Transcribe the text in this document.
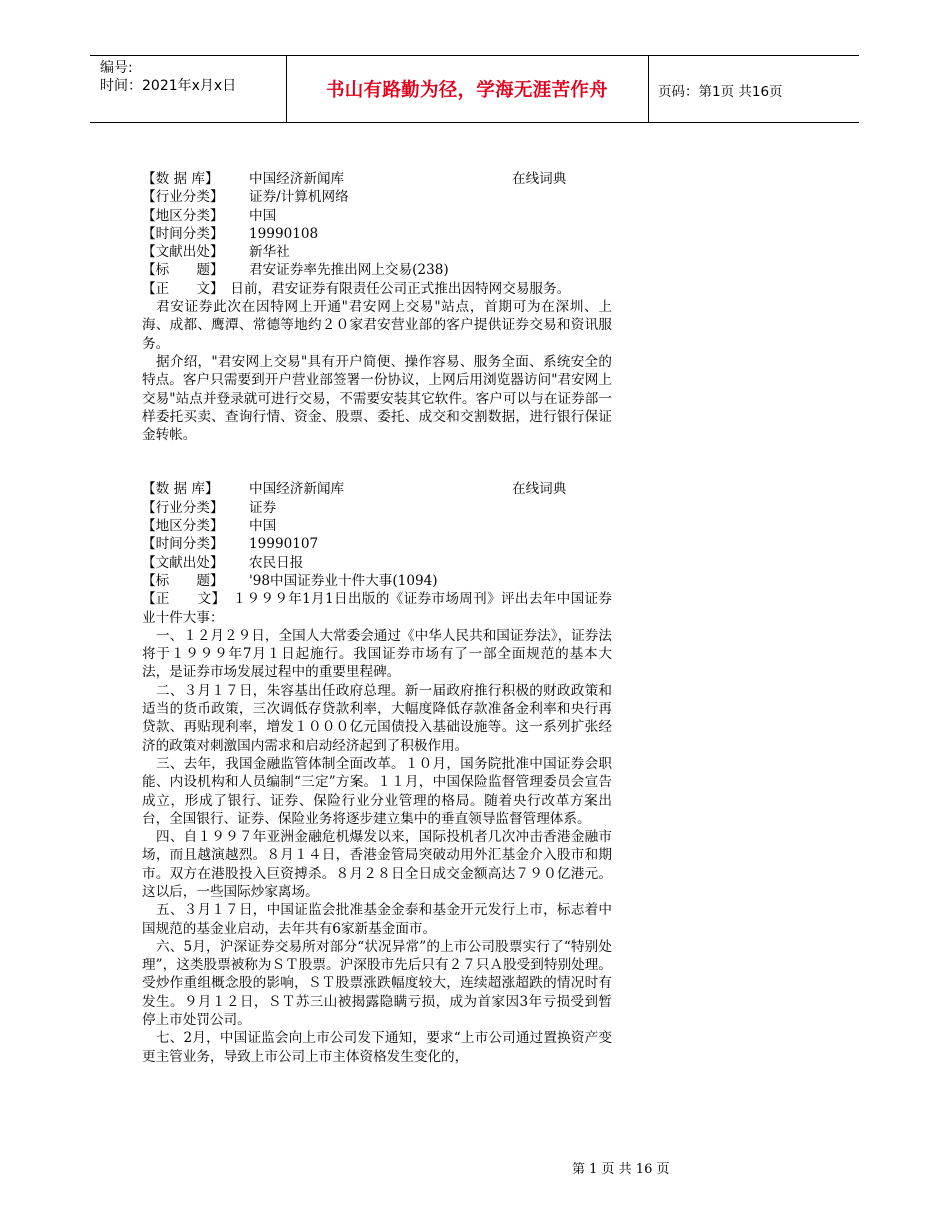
编号:
时间：2021年x月x日	书山有路勤为径，学海无涯苦作舟	页码：第1页 共16页
【数 据 库】 中国经济新闻库	在线词典
【行业分类】 证券/计算机网络
【地区分类】 中国
【时间分类】 19990108
【文献出处】 新华社
【标　　题】 君安证券率先推出网上交易(238)

【正　　文】　日前，君安证券有限责任公司正式推出因特网交易服务。

君安证券此次在因特网上开通"君安网上交易"站点，首期可为在深圳、上海、成都、鹰潭、常德等地约２０家君安营业部的客户提供证券交易和资讯服务。

据介绍，"君安网上交易"具有开户简便、操作容易、服务全面、系统安全的特点。客户只需要到开户营业部签署一份协议，上网后用浏览器访问"君安网上交易"站点并登录就可进行交易，不需要安装其它软件。客户可以与在证券部一样委托买卖、查询行情、资金、股票、委托、成交和交割数据，进行银行保证金转帐。

【数 据 库】 中国经济新闻库	在线词典
【行业分类】 证券
【地区分类】 中国
【时间分类】 19990107
【文献出处】 农民日报
【标　　题】 '98中国证券业十件大事(1094)

【正　　文】　１９９９年1月1日出版的《证券市场周刊》评出去年中国证券业十件大事：

一、１２月２９日，全国人大常委会通过《中华人民共和国证券法》，证券法将于１９９９年7月１日起施行。我国证券市场有了一部全面规范的基本大法，是证券市场发展过程中的重要里程碑。

二、３月１７日，朱容基出任政府总理。新一届政府推行积极的财政政策和适当的货币政策，三次调低存贷款利率，大幅度降低存款准备金利率和央行再贷款、再贴现利率，增发１０００亿元国债投入基础设施等。这一系列扩张经济的政策对刺激国内需求和启动经济起到了积极作用。

三、去年，我国金融监管体制全面改革。１０月，国务院批准中国证券会职能、内设机构和人员编制“三定”方案。１１月，中国保险监督管理委员会宣告成立，形成了银行、证券、保险行业分业管理的格局。随着央行改革方案出台，全国银行、证券、保险业务将逐步建立集中的垂直领导监督管理体系。

四、自１９９７年亚洲金融危机爆发以来，国际投机者几次冲击香港金融市场，而且越演越烈。８月１４日，香港金管局突破动用外汇基金介入股市和期市。双方在港股投入巨资搏杀。８月２８日全日成交金额高达７９０亿港元。这以后，一些国际炒家离场。

五、３月１７日，中国证监会批准基金金泰和基金开元发行上市，标志着中国规范的基金业启动，去年共有6家新基金面市。

六、5月，沪深证券交易所对部分“状况异常”的上市公司股票实行了“特别处理”，这类股票被称为ＳＴ股票。沪深股市先后只有２７只Ａ股受到特别处理。受炒作重组概念股的影响，ＳＴ股票涨跌幅度较大，连续超涨超跌的情况时有发生。９月１２日，ＳＴ苏三山被揭露隐瞒亏损，成为首家因3年亏损受到暂停上市处罚公司。

七、2月，中国证监会向上市公司发下通知，要求“上市公司通过置换资产变更主管业务，导致上市公司上市主体资格发生变化的，

第 1 页 共 16 页
